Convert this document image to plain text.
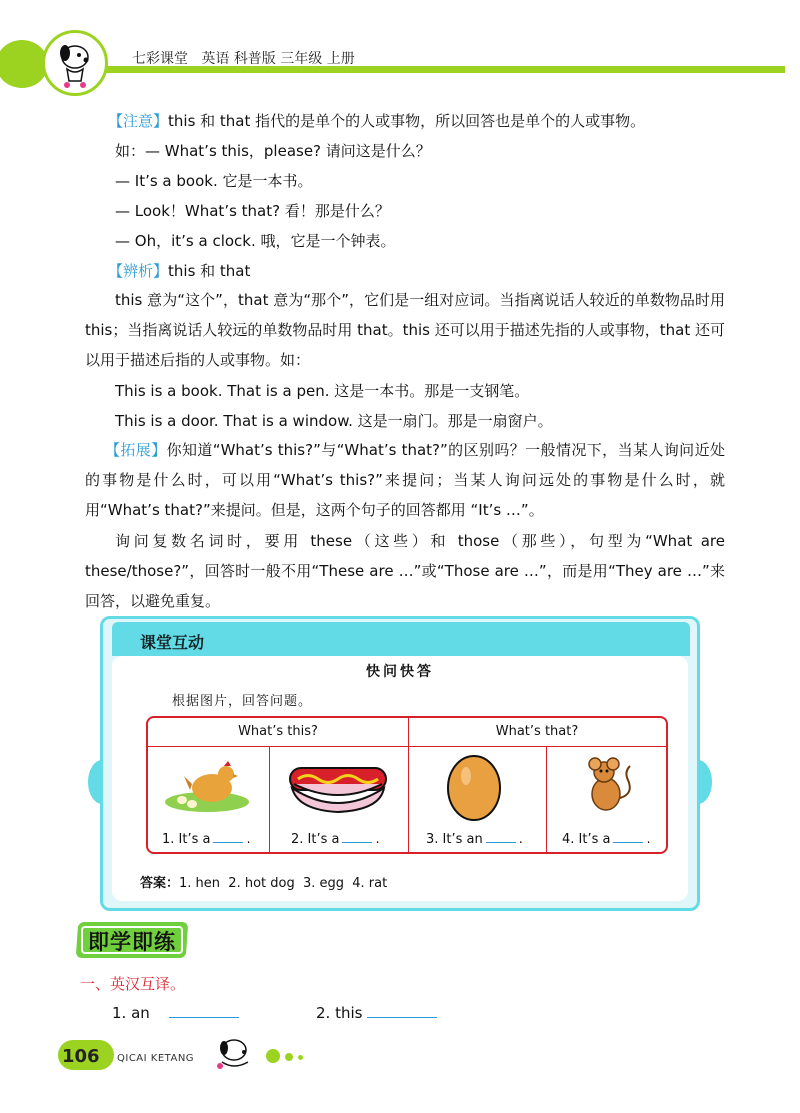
七彩课堂 英语 科普版 三年级 上册
【注意】this 和 that 指代的是单个的人或事物，所以回答也是单个的人或事物。
如：— What’s this，please? 请问这是什么？
— It’s a book. 它是一本书。
— Look！What’s that? 看！那是什么？
— Oh，it’s a clock. 哦，它是一个钟表。
【辨析】this 和 that
this 意为“这个”，that 意为“那个”，它们是一组对应词。当指离说话人较近的单数物品时用 this；当指离说话人较远的单数物品时用 that。this 还可以用于描述先指的人或事物，that 还可以用于描述后指的人或事物。如：
This is a book. That is a pen. 这是一本书。那是一支钢笔。
This is a door. That is a window. 这是一扇门。那是一扇窗户。
【拓展】你知道“What’s this?”与“What’s that?”的区别吗？一般情况下，当某人询问近处的事物是什么时，可以用“What’s this?”来提问；当某人询问远处的事物是什么时，就用“What’s that?”来提问。但是，这两个句子的回答都用 “It’s …”。
询问复数名词时，要用 these（这些）和 those（那些），句型为“What are these/those?”，回答时一般不用“These are …”或“Those are …”，而是用“They are …”来回答，以避免重复。
课堂互动
快问快答
根据图片，回答问题。
What’s this?	What’s that?
1. It’s a	.	2. It’s a	.	3. It’s an	.	4. It’s a	.
答案：1. hen  2. hot dog  3. egg  4. rat
即学即练
一、英汉互译。
1. an	2. this
106 QICAI KETANG
